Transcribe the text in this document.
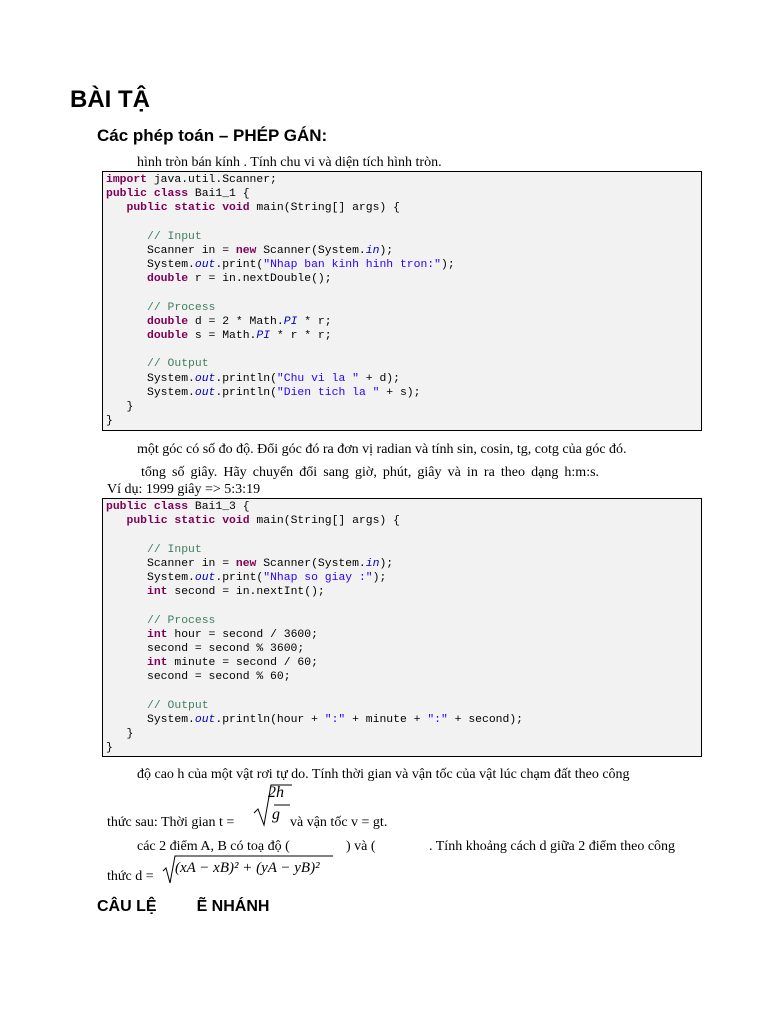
BÀI TẬ
Các phép toán – PHÉP GÁN:
hình tròn bán kính . Tính chu vi và diện tích hình tròn.
import java.util.Scanner;
public class Bai1_1 {
public static void main(String[] args) {
// Input
Scanner in = new Scanner(System.in);
System.out.print("Nhap ban kinh hinh tron:");
double r = in.nextDouble();
// Process
double d = 2 * Math.PI * r;
double s = Math.PI * r * r;
// Output
System.out.println("Chu vi la " + d);
System.out.println("Dien tich la " + s);
}
}
một góc có số đo độ. Đổi góc đó ra đơn vị radian và tính sin, cosin, tg, cotg của góc đó.
tổng số giây. Hãy chuyển đổi sang giờ, phút, giây và in ra theo dạng h:m:s.
Ví dụ: 1999 giây => 5:3:19
public class Bai1_3 {
public static void main(String[] args) {
// Input
Scanner in = new Scanner(System.in);
System.out.print("Nhap so giay :");
int second = in.nextInt();
// Process
int hour = second / 3600;
second = second % 3600;
int minute = second / 60;
second = second % 60;
// Output
System.out.println(hour + ":" + minute + ":" + second);
}
}
độ cao h của một vật rơi tự do. Tính thời gian và vận tốc của vật lúc chạm đất theo công
thức sau: Thời gian t =
2h
g và vận tốc v = gt.
các 2 điểm A, B có toạ độ (	) và (	. Tính khoảng cách d giữa 2 điểm theo công
thức d =
(xA − xB)² + (yA − yB)²
CÂU LỆ         Ẽ NHÁNH
